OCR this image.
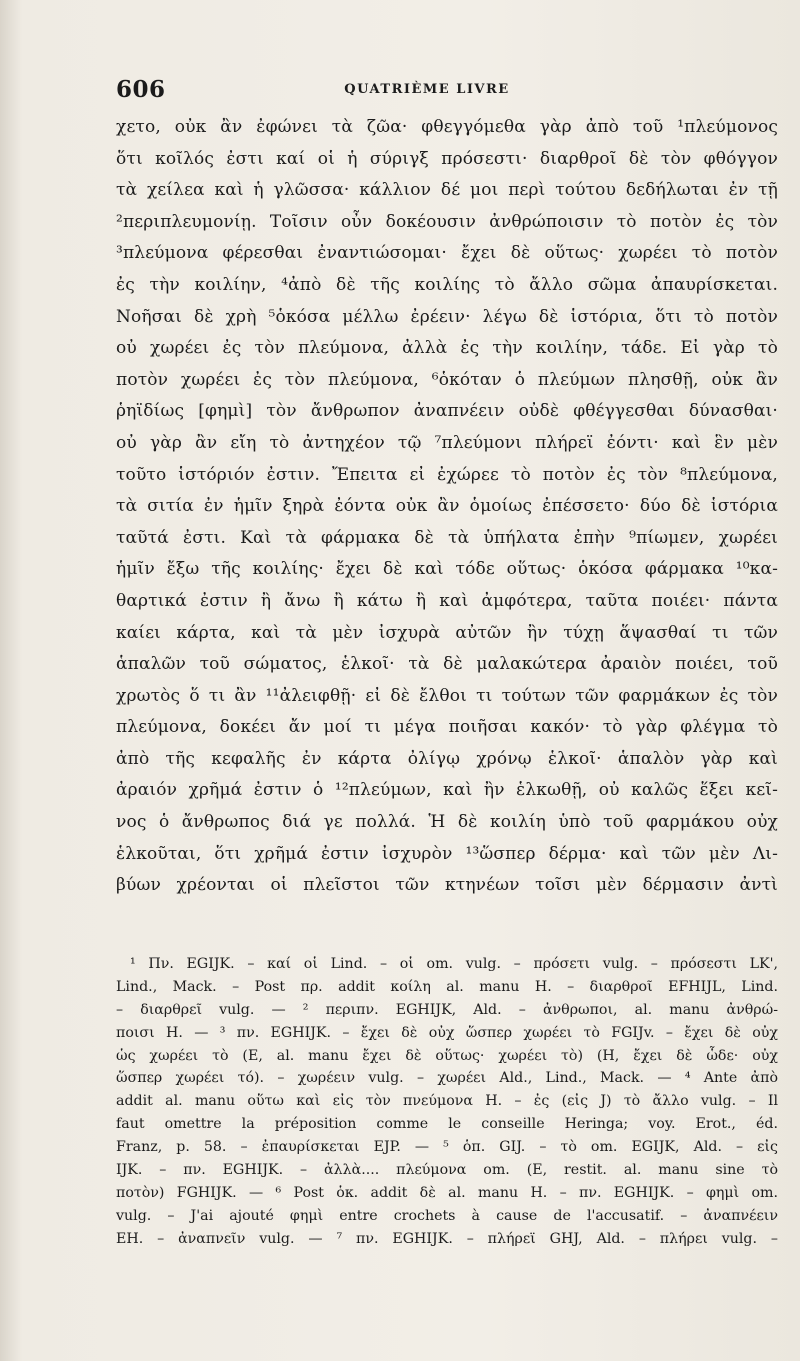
606	QUATRIÈME LIVRE
χετο, οὐκ ἂν ἐφώνει τὰ ζῶα· φθεγγόμεθα γὰρ ἀπὸ τοῦ ¹πλεύμονος
ὅτι κοῖλός ἐστι καί οἱ ἡ σύριγξ πρόσεστι· διαρθροῖ δὲ τὸν φθόγγον
τὰ χείλεα καὶ ἡ γλῶσσα· κάλλιον δέ μοι περὶ τούτου δεδήλωται ἐν τῇ
²περιπλευμονίῃ. Τοῖσιν οὖν δοκέουσιν ἀνθρώποισιν τὸ ποτὸν ἐς τὸν
³πλεύμονα φέρεσθαι ἐναντιώσομαι· ἔχει δὲ οὕτως· χωρέει τὸ ποτὸν
ἐς τὴν κοιλίην, ⁴ἀπὸ δὲ τῆς κοιλίης τὸ ἄλλο σῶμα ἀπαυρίσκεται.
Νοῆσαι δὲ χρὴ ⁵ὁκόσα μέλλω ἐρέειν· λέγω δὲ ἱστόρια, ὅτι τὸ ποτὸν
οὐ χωρέει ἐς τὸν πλεύμονα, ἀλλὰ ἐς τὴν κοιλίην, τάδε. Εἰ γὰρ τὸ
ποτὸν χωρέει ἐς τὸν πλεύμονα, ⁶ὁκόταν ὁ πλεύμων πλησθῇ, οὐκ ἂν
ῥηϊδίως [φημὶ] τὸν ἄνθρωπον ἀναπνέειν οὐδὲ φθέγγεσθαι δύνασθαι·
οὐ γὰρ ἂν εἴη τὸ ἀντηχέον τῷ ⁷πλεύμονι πλήρεϊ ἐόντι· καὶ ἓν μὲν
τοῦτο ἱστόριόν ἐστιν. Ἔπειτα εἰ ἐχώρεε τὸ ποτὸν ἐς τὸν ⁸πλεύμονα,
τὰ σιτία ἐν ἡμῖν ξηρὰ ἐόντα οὐκ ἂν ὁμοίως ἐπέσσετο· δύο δὲ ἱστόρια
ταῦτά ἐστι. Καὶ τὰ φάρμακα δὲ τὰ ὑπήλατα ἐπὴν ⁹πίωμεν, χωρέει
ἡμῖν ἔξω τῆς κοιλίης· ἔχει δὲ καὶ τόδε οὕτως· ὁκόσα φάρμακα ¹⁰κα-
θαρτικά ἐστιν ἢ ἄνω ἢ κάτω ἢ καὶ ἀμφότερα, ταῦτα ποιέει· πάντα
καίει κάρτα, καὶ τὰ μὲν ἰσχυρὰ αὐτῶν ἢν τύχῃ ἅψασθαί τι τῶν
ἁπαλῶν τοῦ σώματος, ἑλκοῖ· τὰ δὲ μαλακώτερα ἀραιὸν ποιέει, τοῦ
χρωτὸς ὅ τι ἂν ¹¹ἀλειφθῇ· εἰ δὲ ἔλθοι τι τούτων τῶν φαρμάκων ἐς τὸν
πλεύμονα, δοκέει ἄν μοί τι μέγα ποιῆσαι κακόν· τὸ γὰρ φλέγμα τὸ
ἀπὸ τῆς κεφαλῆς ἐν κάρτα ὀλίγῳ χρόνῳ ἑλκοῖ· ἁπαλὸν γὰρ καὶ
ἀραιόν χρῆμά ἐστιν ὁ ¹²πλεύμων, καὶ ἢν ἑλκωθῇ, οὐ καλῶς ἕξει κεῖ-
νος ὁ ἄνθρωπος διά γε πολλά. Ἡ δὲ κοιλίη ὑπὸ τοῦ φαρμάκου οὐχ
ἑλκοῦται, ὅτι χρῆμά ἐστιν ἰσχυρὸν ¹³ὥσπερ δέρμα· καὶ τῶν μὲν Λι-
βύων χρέονται οἱ πλεῖστοι τῶν κτηνέων τοῖσι μὲν δέρμασιν ἀντὶ
¹ Πν. EGIJK. – καί οἱ Lind. – οἱ om. vulg. – πρόσετι vulg. – πρόσεστι LK',
Lind., Mack. – Post πρ. addit κοίλη al. manu H. – διαρθροῖ EFHIJL, Lind.
– διαρθρεῖ vulg. — ² περιπν. EGHIJK, Ald. – ἀνθρωποι, al. manu ἀνθρώ-
ποισι H. — ³ πν. EGHIJK. – ἔχει δὲ οὐχ ὥσπερ χωρέει τὸ FGIJv. – ἔχει δὲ οὐχ
ὡς χωρέει τὸ (E, al. manu ἔχει δὲ οὕτως· χωρέει τὸ) (H, ἔχει δὲ ὧδε· οὐχ
ὥσπερ χωρέει τό). – χωρέειν vulg. – χωρέει Ald., Lind., Mack. — ⁴ Ante ἀπὸ
addit al. manu οὕτω καὶ εἰς τὸν πνεύμονα H. – ἐς (εἰς J) τὸ ἄλλο vulg. – Il
faut omettre la préposition comme le conseille Heringa; voy. Erot., éd.
Franz, p. 58. – ἐπαυρίσκεται EJP. — ⁵ ὁπ. GIJ. – τὸ om. EGIJK, Ald. – εἰς
IJK. – πν. EGHIJK. – ἀλλὰ.... πλεύμονα om. (E, restit. al. manu sine τὸ
ποτὸν) FGHIJK. — ⁶ Post ὁκ. addit δὲ al. manu H. – πν. EGHIJK. – φημὶ om.
vulg. – J'ai ajouté φημὶ entre crochets à cause de l'accusatif. – ἀναπνέειν
EH. – ἀναπνεῖν vulg. — ⁷ πν. EGHIJK. – πλήρεϊ GHJ, Ald. – πλήρει vulg. –
